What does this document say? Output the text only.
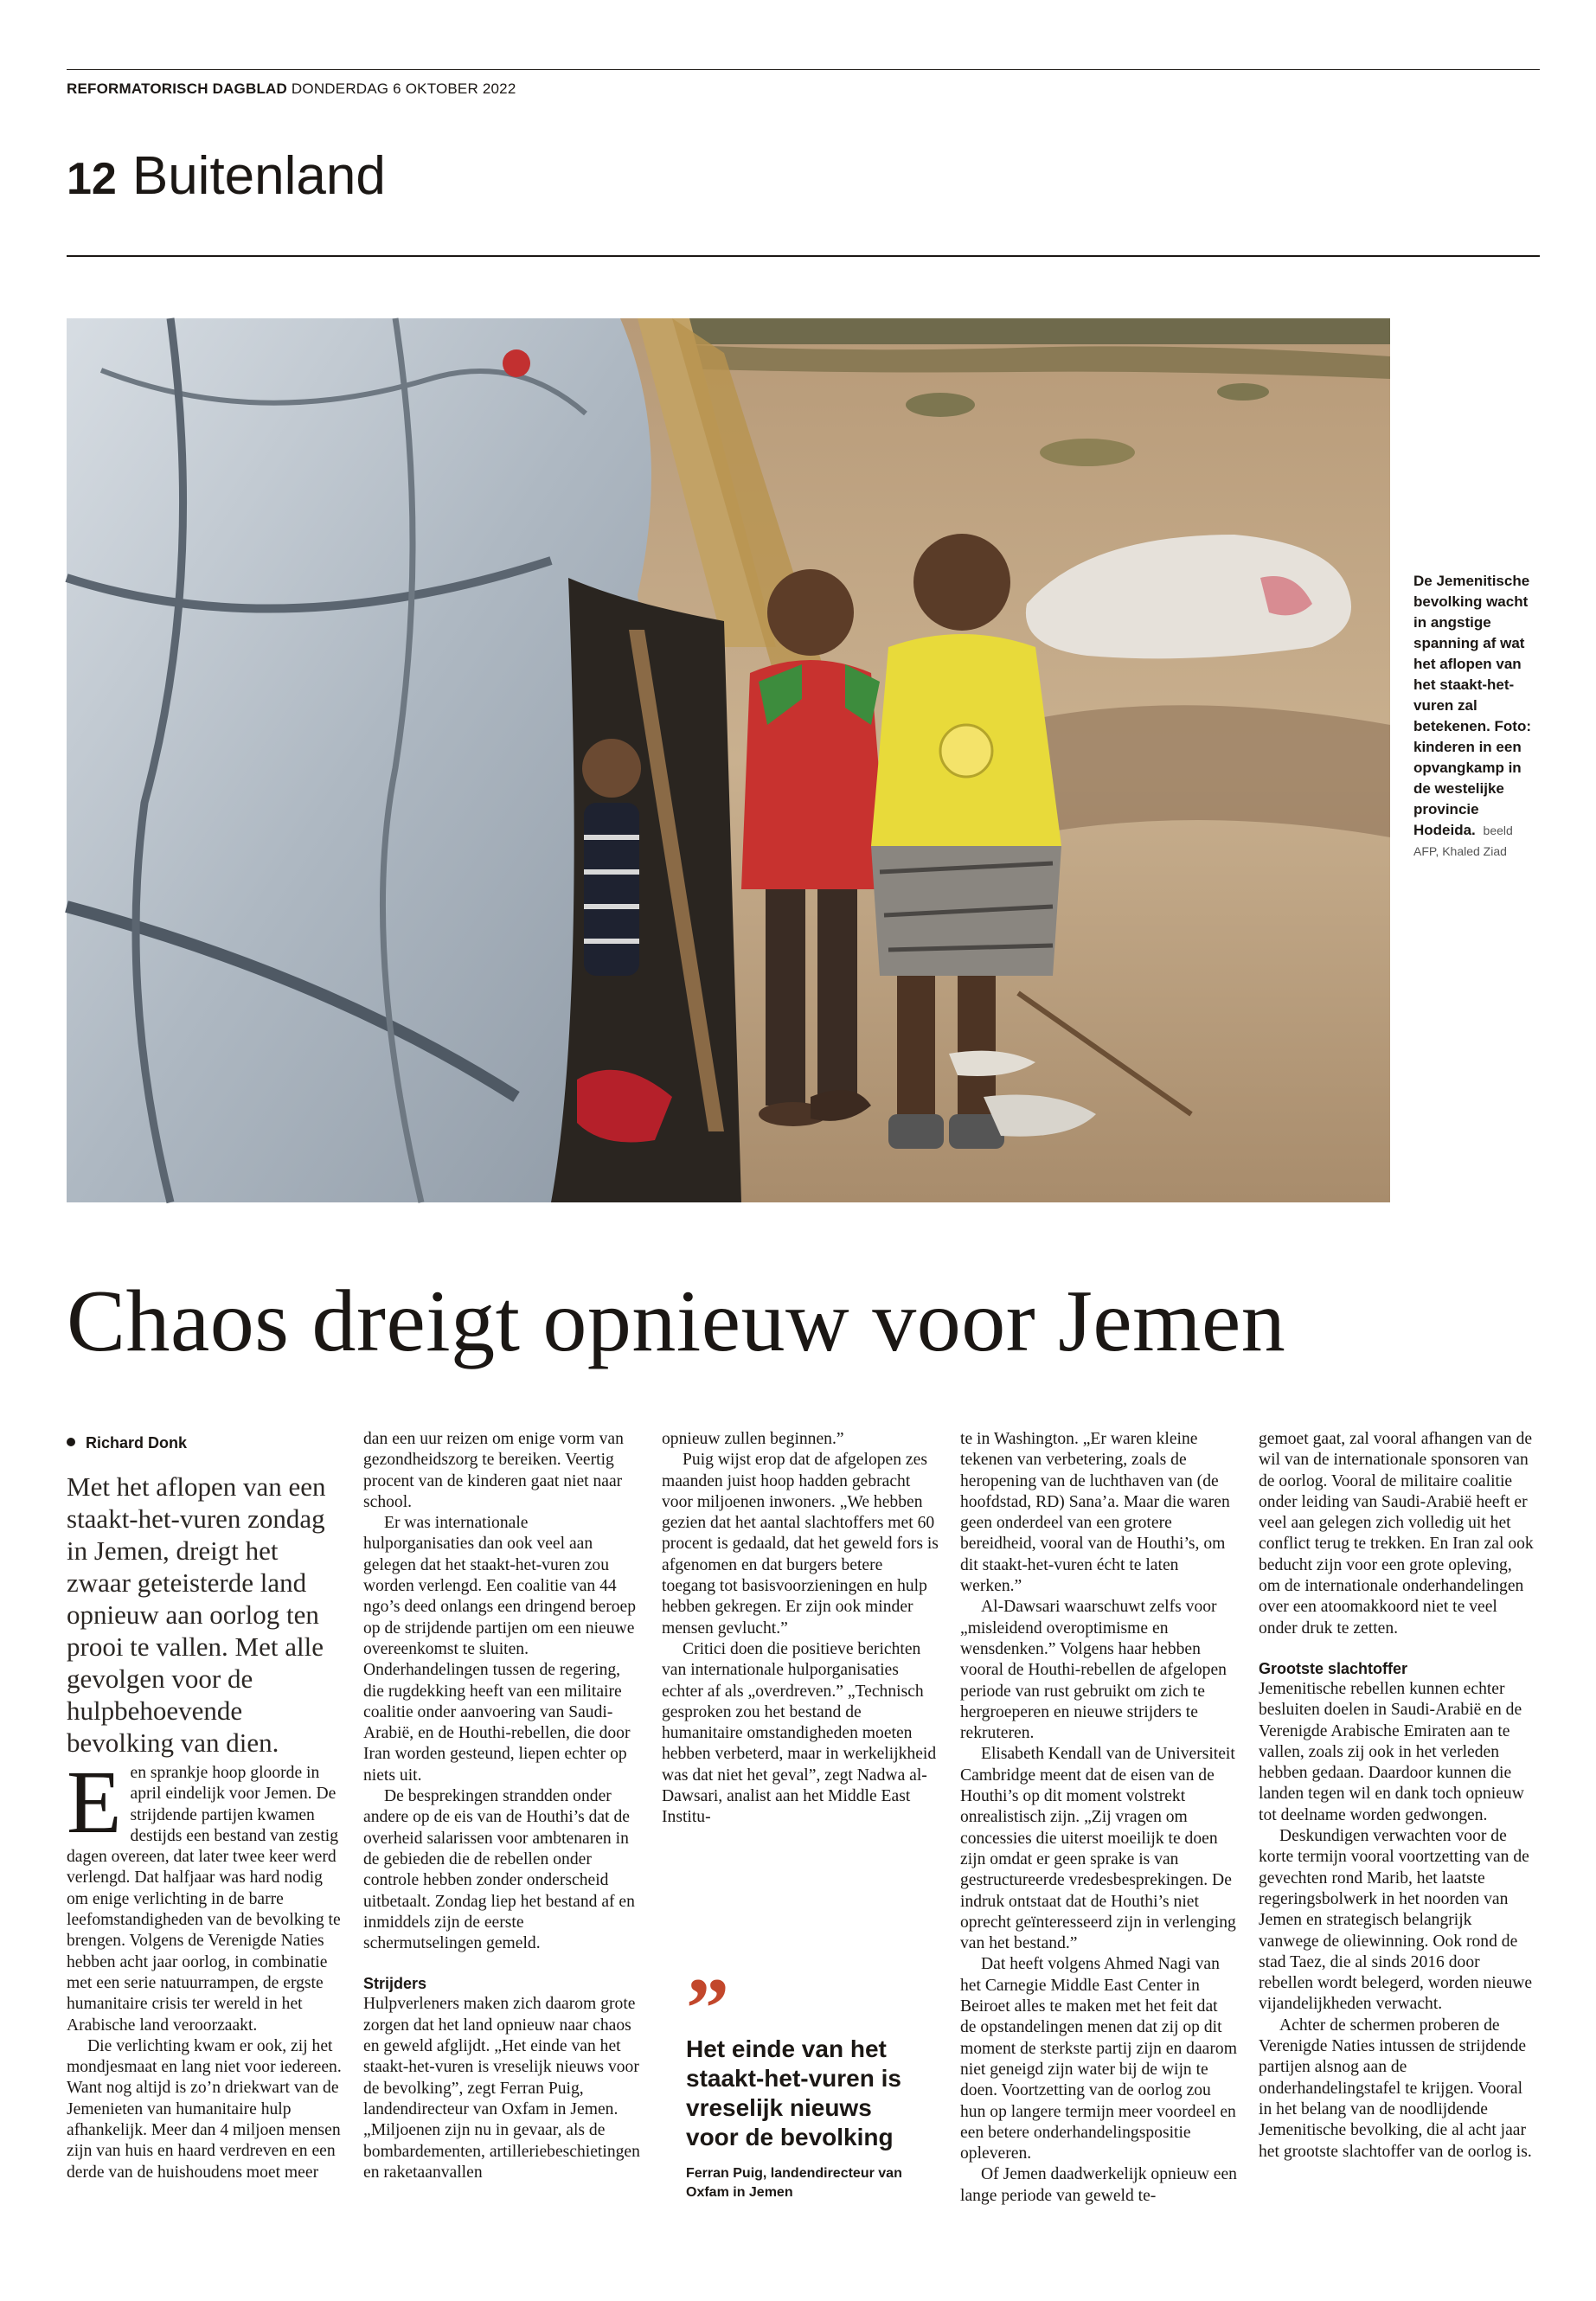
REFORMATORISCH DAGBLAD DONDERDAG 6 OKTOBER 2022
12 Buitenland
De Jemenitische bevolking wacht in angstige spanning af wat het aflopen van het staakt-het-vuren zal betekenen. Foto: kinderen in een opvangkamp in de westelijke provincie Hodeida. beeld AFP, Khaled Ziad
Chaos dreigt opnieuw voor Jemen
Richard Donk
Met het aflopen van een staakt-het-vuren zondag in Jemen, dreigt het zwaar geteisterde land opnieuw aan oorlog ten prooi te vallen. Met alle gevolgen voor de hulpbehoevende bevolking van dien.

Een sprankje hoop gloorde in april eindelijk voor Jemen. De strijdende partijen kwamen destijds een bestand van zestig dagen overeen, dat later twee keer werd verlengd. Dat halfjaar was hard nodig om enige verlichting in de barre leefomstandigheden van de bevolking te brengen. Volgens de Verenigde Naties hebben acht jaar oorlog, in combinatie met een serie natuurrampen, de ergste humanitaire crisis ter wereld in het Arabische land veroorzaakt.

Die verlichting kwam er ook, zij het mondjesmaat en lang niet voor iedereen. Want nog altijd is zo’n driekwart van de Jemenieten van humanitaire hulp afhankelijk. Meer dan 4 miljoen mensen zijn van huis en haard verdreven en een derde van de huishoudens moet meer

dan een uur reizen om enige vorm van gezondheidszorg te bereiken. Veertig procent van de kinderen gaat niet naar school.

Er was internationale hulporganisaties dan ook veel aan gelegen dat het staakt-het-vuren zou worden verlengd. Een coalitie van 44 ngo’s deed onlangs een dringend beroep op de strijdende partijen om een nieuwe overeenkomst te sluiten. Onderhandelingen tussen de regering, die rugdekking heeft van een militaire coalitie onder aanvoering van Saudi-Arabië, en de Houthi-rebellen, die door Iran worden gesteund, liepen echter op niets uit.

De besprekingen strandden onder andere op de eis van de Houthi’s dat de overheid salarissen voor ambtenaren in de gebieden die de rebellen onder controle hebben zonder onderscheid uitbetaalt. Zondag liep het bestand af en inmiddels zijn de eerste schermutselingen gemeld.

Strijders

Hulpverleners maken zich daarom grote zorgen dat het land opnieuw naar chaos en geweld afglijdt. „Het einde van het staakt-het-vuren is vreselijk nieuws voor de bevolking”, zegt Ferran Puig, landendirecteur van Oxfam in Jemen. „Miljoenen zijn nu in gevaar, als de bombardementen, artilleriebeschietingen en raketaanvallen

opnieuw zullen beginnen.”

Puig wijst erop dat de afgelopen zes maanden juist hoop hadden gebracht voor miljoenen inwoners. „We hebben gezien dat het aantal slachtoffers met 60 procent is gedaald, dat het geweld fors is afgenomen en dat burgers betere toegang tot basisvoorzieningen en hulp hebben gekregen. Er zijn ook minder mensen gevlucht.”

Critici doen die positieve berichten van internationale hulporganisaties echter af als „overdreven.” „Technisch gesproken zou het bestand de humanitaire omstandigheden moeten hebben verbeterd, maar in werkelijkheid was dat niet het geval”, zegt Nadwa al-Dawsari, analist aan het Middle East Institu-

”
Het einde van het staakt-het-vuren is vreselijk nieuws voor de bevolking
Ferran Puig, landendirecteur van Oxfam in Jemen

te in Washington. „Er waren kleine tekenen van verbetering, zoals de heropening van de luchthaven van (de hoofdstad, RD) Sana’a. Maar die waren geen onderdeel van een grotere bereidheid, vooral van de Houthi’s, om dit staakt-het-vuren écht te laten werken.”

Al-Dawsari waarschuwt zelfs voor „misleidend overoptimisme en wensdenken.” Volgens haar hebben vooral de Houthi-rebellen de afgelopen periode van rust gebruikt om zich te hergroeperen en nieuwe strijders te rekruteren.

Elisabeth Kendall van de Universiteit Cambridge meent dat de eisen van de Houthi’s op dit moment volstrekt onrealistisch zijn. „Zij vragen om concessies die uiterst moeilijk te doen zijn omdat er geen sprake is van gestructureerde vredesbesprekingen. De indruk ontstaat dat de Houthi’s niet oprecht geïnteresseerd zijn in verlenging van het bestand.”

Dat heeft volgens Ahmed Nagi van het Carnegie Middle East Center in Beiroet alles te maken met het feit dat de opstandelingen menen dat zij op dit moment de sterkste partij zijn en daarom niet geneigd zijn water bij de wijn te doen. Voortzetting van de oorlog zou hun op langere termijn meer voordeel en een betere onderhandelingspositie opleveren.

Of Jemen daadwerkelijk opnieuw een lange periode van geweld te-

gemoet gaat, zal vooral afhangen van de wil van de internationale sponsoren van de oorlog. Vooral de militaire coalitie onder leiding van Saudi-Arabië heeft er veel aan gelegen zich volledig uit het conflict terug te trekken. En Iran zal ook beducht zijn voor een grote opleving, om de internationale onderhandelingen over een atoomakkoord niet te veel onder druk te zetten.

Grootste slachtoffer

Jemenitische rebellen kunnen echter besluiten doelen in Saudi-Arabië en de Verenigde Arabische Emiraten aan te vallen, zoals zij ook in het verleden hebben gedaan. Daardoor kunnen die landen tegen wil en dank toch opnieuw tot deelname worden gedwongen.

Deskundigen verwachten voor de korte termijn vooral voortzetting van de gevechten rond Marib, het laatste regeringsbolwerk in het noorden van Jemen en strategisch belangrijk vanwege de oliewinning. Ook rond de stad Taez, die al sinds 2016 door rebellen wordt belegerd, worden nieuwe vijandelijkheden verwacht.

Achter de schermen proberen de Verenigde Naties intussen de strijdende partijen alsnog aan de onderhandelingstafel te krijgen. Vooral in het belang van de noodlijdende Jemenitische bevolking, die al acht jaar het grootste slachtoffer van de oorlog is.
